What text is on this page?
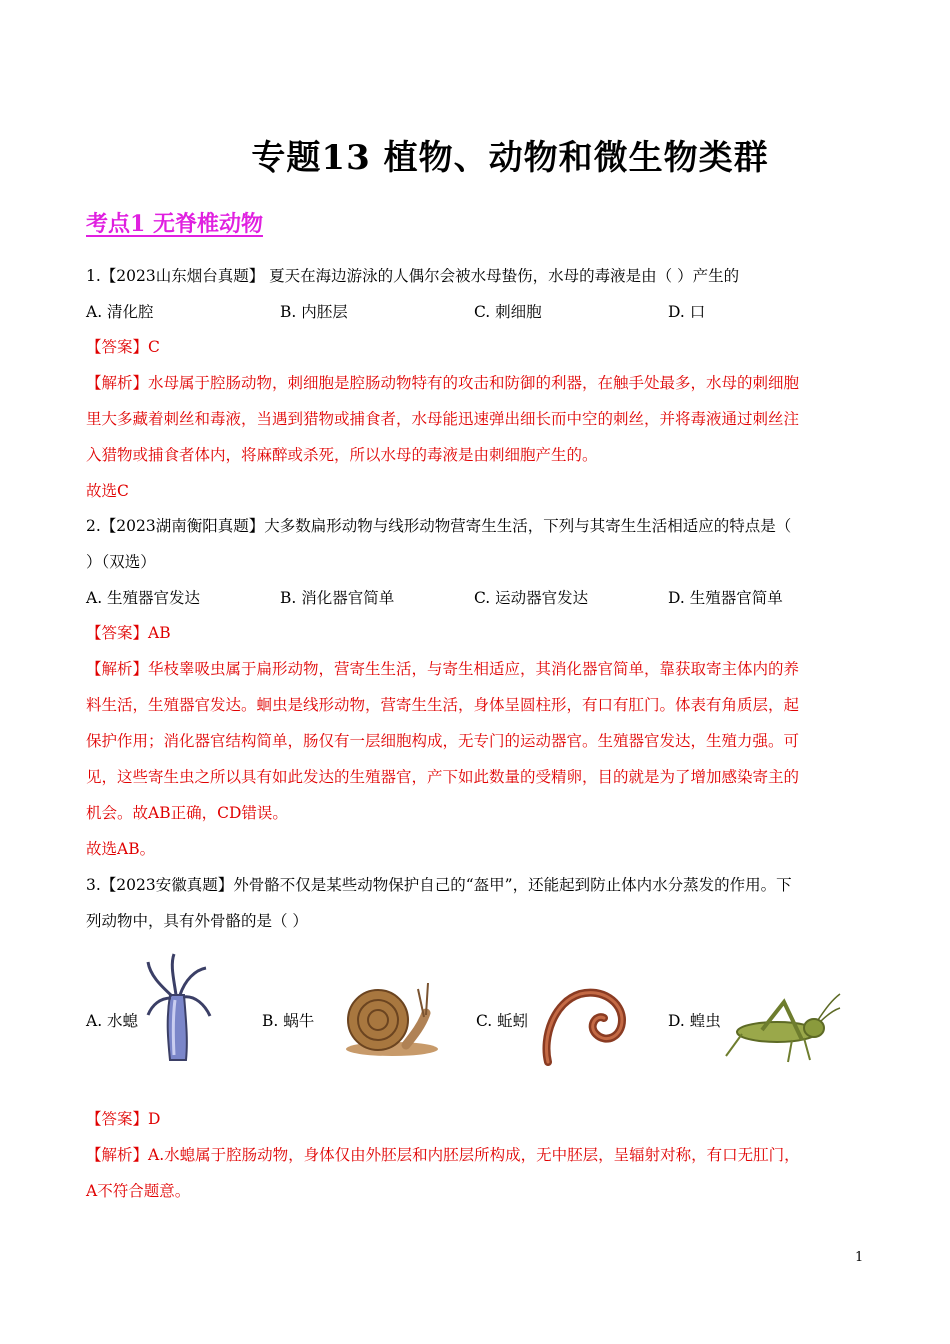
专题13 植物、动物和微生物类群
考点1 无脊椎动物
1.【2023山东烟台真题】 夏天在海边游泳的人偶尔会被水母蛰伤，水母的毒液是由（ ）产生的
A. 清化腔	B. 内胚层	C. 刺细胞	D. 口
【答案】C
【解析】水母属于腔肠动物，刺细胞是腔肠动物特有的攻击和防御的利器，在触手处最多，水母的刺细胞
里大多藏着刺丝和毒液，当遇到猎物或捕食者，水母能迅速弹出细长而中空的刺丝，并将毒液通过刺丝注
入猎物或捕食者体内，将麻醉或杀死，所以水母的毒液是由刺细胞产生的。
故选C
2.【2023湖南衡阳真题】大多数扁形动物与线形动物营寄生生活，下列与其寄生生活相适应的特点是（
）（双选）
A. 生殖器官发达	B. 消化器官简单	C. 运动器官发达	D. 生殖器官简单
【答案】AB
【解析】华枝睾吸虫属于扁形动物，营寄生生活，与寄生相适应，其消化器官简单，靠获取寄主体内的养
料生活，生殖器官发达。蛔虫是线形动物，营寄生生活，身体呈圆柱形，有口有肛门。体表有角质层，起
保护作用；消化器官结构简单，肠仅有一层细胞构成，无专门的运动器官。生殖器官发达，生殖力强。可
见，这些寄生虫之所以具有如此发达的生殖器官，产下如此数量的受精卵，目的就是为了增加感染寄主的
机会。故AB正确，CD错误。
故选AB。
3.【2023安徽真题】外骨骼不仅是某些动物保护自己的“盔甲”，还能起到防止体内水分蒸发的作用。下
列动物中，具有外骨骼的是（ ）
A. 水螅	B. 蜗牛	C. 蚯蚓	D. 蝗虫
【答案】D
【解析】A.水螅属于腔肠动物，身体仅由外胚层和内胚层所构成，无中胚层，呈辐射对称，有口无肛门，
A不符合题意。
1
